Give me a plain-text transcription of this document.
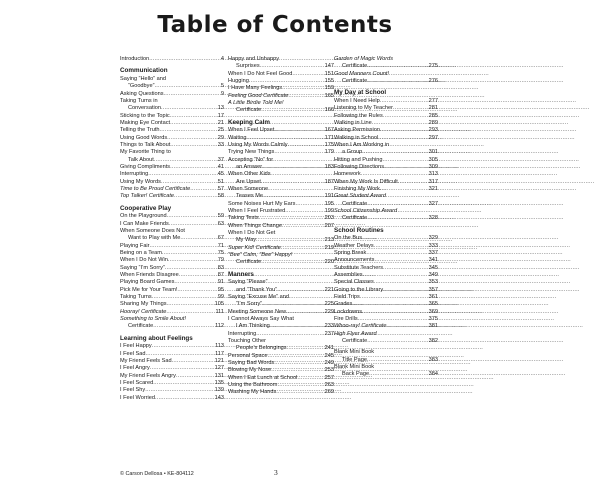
Table of Contents
Introduction .....	4
Communication
Saying “Hello” and
“Goodbye” .....	5
Asking Questions .....	9
Taking Turns in
Conversation .....	13
Sticking to the Topic .....	17
Making Eye Contact .....	21
Telling the Truth .....	25
Using Good Words .....	29
Things to Talk About .....	33
My Favorite Thing to
Talk About .....	37
Giving Compliments .....	41
Interrupting .....	45
Using My Words .....	51
Time to Be Proud Certificate .....	57
Top Talker! Certificate .....	58
Cooperative Play
On the Playground .....	59
I Can Make Friends .....	63
When Someone Does Not
Want to Play with Me .....	67
Playing Fair .....	71
Being on a Team .....	75
When I Do Not Win .....	79
Saying “I’m Sorry” .....	83
When Friends Disagree .....	87
Playing Board Games .....	91
Pick Me for Your Team! .....	95
Taking Turns .....	99
Sharing My Things .....	105
Hooray! Certificate .....	111
Something to Smile About!
Certificate .....	112
Learning about Feelings
I Feel Happy .....	113
I Feel Sad .....	117
My Friend Feels Sad .....	121
I Feel Angry .....	127
My Friend Feels Angry .....	131
I Feel Scared .....	135
I Feel Shy .....	139
I Feel Worried .....	143
Happy and Unhappy
Surprises .....	147
When I Do Not Feel Good .....	151
Hugging .....	155
I Have Many Feelings .....	159
Feeling Good Certificate .....	165
A Little Birdie Told Me!
Certificate .....	166
Keeping Calm
When I Feel Upset .....	167
Waiting .....	171
Using My Words Calmly .....	175
Trying New Things .....	179
Accepting “No” for
an Answer .....	183
When Other Kids
Are Upset .....	187
When Someone
Teases Me .....	191
Some Noises Hurt My Ears .....	195
When I Feel Frustrated .....	199
Taking Tests .....	203
When Things Change .....	207
When I Do Not Get
My Way .....	213
Super Kid! Certificate .....	219
“Bee” Calm, “Bee” Happy!
Certificate .....	220
Manners
Saying “Please”
and “Thank You” .....	221
Saying “Excuse Me” and
“I’m Sorry” .....	225
Meeting Someone New .....	229
I Cannot Always Say What
I Am Thinking .....	233
Interrupting .....	237
Touching Other
People’s Belongings .....	241
Personal Space .....	245
Saying Bad Words .....	249
Blowing My Nose .....	253
When I Eat Lunch at School .....	257
Using the Bathroom .....	263
Washing My Hands .....	269
Garden of Magic Words
Certificate .....	275
Good Manners Count!
Certificate .....	276
My Day at School
When I Need Help .....	277
Listening to My Teacher .....	281
Following the Rules .....	285
Walking in Line .....	289
Asking Permission .....	293
Walking in School .....	297
When I Am Working in
a Group .....	301
Hitting and Pushing .....	305
Following Directions .....	309
Homework .....	313
When My Work Is Difficult .....	317
Finishing My Work .....	321
Great Student Award
Certificate .....	327
School Citizenship Award
Certificate .....	328
School Routines
On the Bus .....	329
Weather Delays .....	333
Spring Break .....	337
Announcements .....	341
Substitute Teachers .....	345
Assemblies .....	349
Special Classes .....	353
Going to the Library .....	357
Field Trips .....	361
Grades .....	365
Lockdowns .....	369
Fire Drills .....	375
Whoo-ray! Certificate .....	381
High Flyer Award
Certificate .....	382
Blank Mini Book
Title Page .....	383
Blank Mini Book
Back Page .....	384
© Carson Dellosa • KE-804112	3
